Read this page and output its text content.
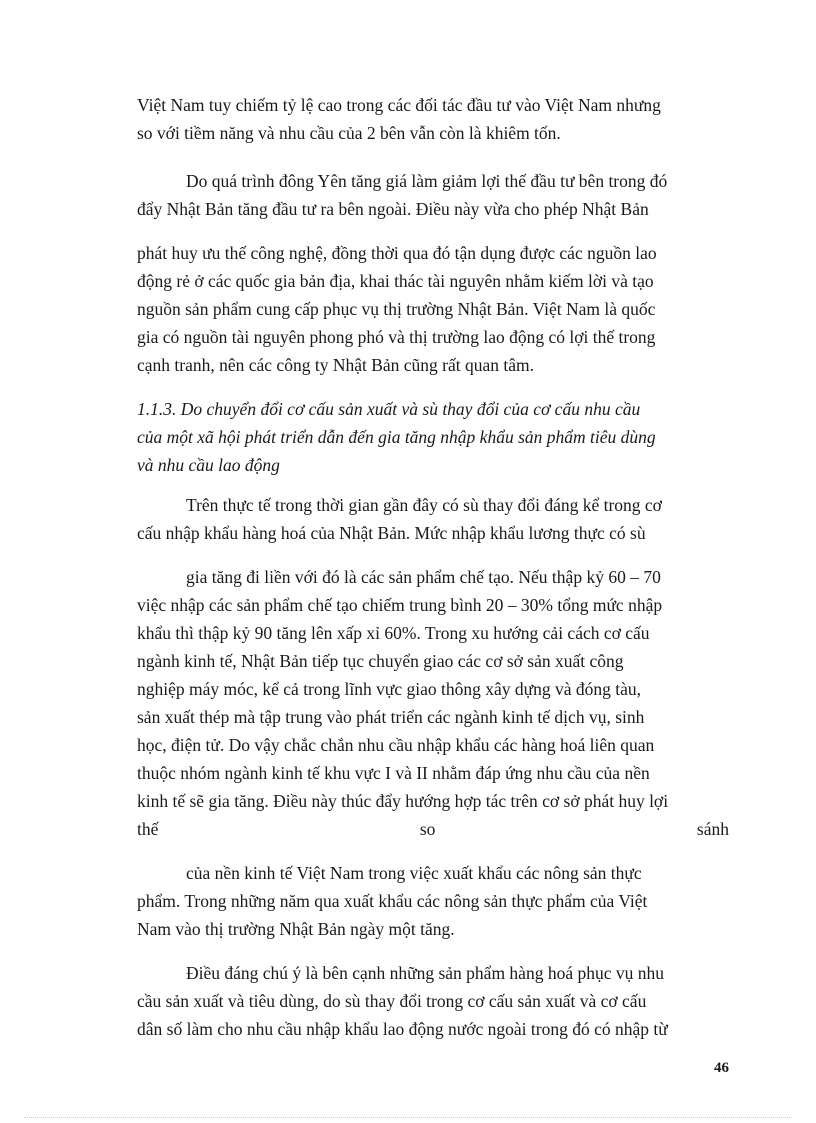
Việt Nam tuy chiếm tỷ lệ cao trong các đối tác đầu tư vào Việt Nam nhưng
so với tiềm năng và nhu cầu của 2 bên vẫn còn là khiêm tốn.
Do quá trình đông Yên tăng giá làm giảm lợi thế đầu tư bên trong đó
đẩy Nhật Bản tăng đầu tư ra bên ngoài. Điều này vừa cho phép Nhật Bản
phát huy ưu thế công nghệ, đồng thời qua đó tận dụng được các nguồn lao
động rẻ ở các quốc gia bản địa, khai thác tài nguyên nhằm kiếm lời và tạo
nguồn sản phẩm cung cấp phục vụ thị trường Nhật Bản. Việt Nam là quốc
gia có nguồn tài nguyên phong phó và thị trường lao động có lợi thế trong
cạnh tranh, nên các công ty Nhật Bản cũng rất quan tâm.
1.1.3. Do chuyển đổi cơ cấu sản xuất và sù thay đổi của cơ cấu nhu cầu
của một xã hội phát triển dẫn đến gia tăng nhập khẩu sản phẩm tiêu dùng
và nhu cầu lao động
Trên thực tế trong thời gian gần đây có sù thay đổi đáng kể trong cơ
cấu nhập khẩu hàng hoá của Nhật Bản. Mức nhập khẩu lương thực có sù
gia tăng đi liền với đó là các sản phẩm chế tạo. Nếu thập kỷ 60 – 70
việc nhập các sản phẩm chế tạo chiếm trung bình 20 – 30% tổng mức nhập
khẩu thì thập kỷ 90 tăng lên xấp xỉ 60%. Trong xu hướng cải cách cơ cấu
ngành kinh tế, Nhật Bản tiếp tục chuyển giao các cơ sở sản xuất công
nghiệp máy móc, kể cả trong lĩnh vực giao thông xây dựng và đóng tàu,
sản xuất thép mà tập trung vào phát triển các ngành kinh tế dịch vụ, sinh
học, điện tử. Do vậy chắc chắn nhu cầu nhập khẩu các hàng hoá liên quan
thuộc nhóm ngành kinh tế khu vực I và II nhằm đáp ứng nhu cầu của nền
kinh tế sẽ gia tăng. Điều này thúc đẩy hướng hợp tác trên cơ sở phát huy lợi
thế	so	sánh
của nền kinh tế Việt Nam trong việc xuất khẩu các nông sản thực
phẩm. Trong những năm qua xuất khẩu các nông sản thực phẩm của Việt
Nam vào thị trường Nhật Bản ngày một tăng.
Điều đáng chú ý là bên cạnh những sản phẩm hàng hoá phục vụ nhu
cầu sản xuất và tiêu dùng, do sù thay đổi trong cơ cấu sản xuất và cơ cấu
dân số làm cho nhu cầu nhập khẩu lao động nước ngoài trong đó có nhập từ
46
